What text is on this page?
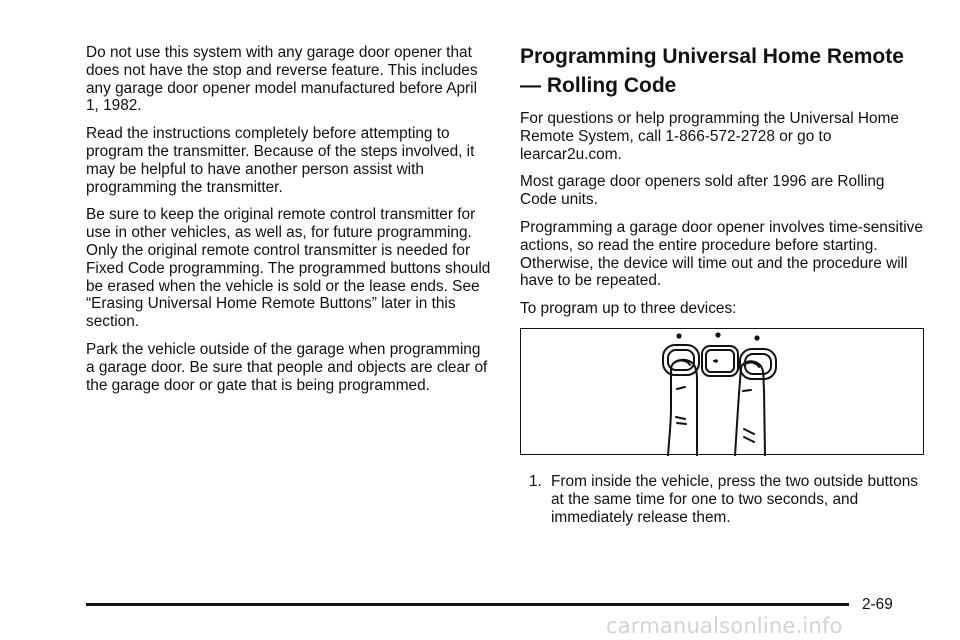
Do not use this system with any garage door opener that does not have the stop and reverse feature. This includes any garage door opener model manufactured before April 1, 1982.

Read the instructions completely before attempting to program the transmitter. Because of the steps involved, it may be helpful to have another person assist with programming the transmitter.

Be sure to keep the original remote control transmitter for use in other vehicles, as well as, for future programming. Only the original remote control transmitter is needed for Fixed Code programming. The programmed buttons should be erased when the vehicle is sold or the lease ends. See “Erasing Universal Home Remote Buttons” later in this section.

Park the vehicle outside of the garage when programming a garage door. Be sure that people and objects are clear of the garage door or gate that is being programmed.

Programming Universal Home Remote — Rolling Code

For questions or help programming the Universal Home Remote System, call 1-866-572-2728 or go to learcar2u.com.

Most garage door openers sold after 1996 are Rolling Code units.

Programming a garage door opener involves time-sensitive actions, so read the entire procedure before starting. Otherwise, the device will time out and the procedure will have to be repeated.

To program up to three devices:

1. From inside the vehicle, press the two outside buttons at the same time for one to two seconds, and immediately release them.
2-69
carmanualsonline.info
